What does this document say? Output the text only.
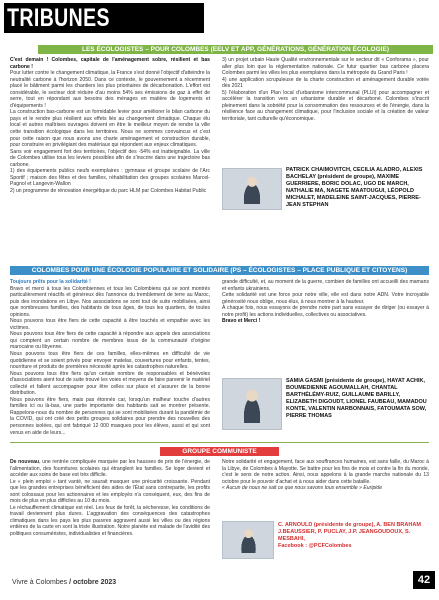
TRIBUNES
LES ÉCOLOGISTES – POUR COLOMBES (EELV ET APP, GÉNÉRATIONS, GÉNÉRATION ÉCOLOGIE)

C'est demain ! Colombes, capitale de l'aménagement sobre, résilient et bas carbone !

Pour lutter contre le changement climatique, la France s'est donné l'objectif d'atteindre la neutralité carbone à l'horizon 2050. Dans ce contexte, le gouvernement a récemment placé le bâtiment parmi les chantiers les plus prioritaires de décarbonation. L'effort est considérable, le secteur doit réduire d'au moins 54% ses émissions de gaz à effet de serre, tout en répondant aux besoins des ménages en matière de logements et d'équipements !

La construction bas-carbone est un formidable levier pour améliorer le bilan carbone du pays et le rendre plus résilient aux effets liés au changement climatique. Chaque élu local et autres maîtrises ouvrages doivent en être le meilleur moyen de rendre la ville cette transition écologique dans les territoires. Nous ne sommes convaincus et c'est pour cette raison que nous avons une charte aménagement et construction durable, pour construire en privilégiant des matériaux qui répondent aux enjeux climatiques.

Sans voir engagement fort des territoires, l'objectif des -54% est inatteignable. La ville de Colombes utilise tous les leviers possibles afin de s'inscrire dans une trajectoire bas carbone.

1) des équipements publics neufs exemplaires : gymnase et groupe scolaire de l'Arc Sportif ; maison des fêtes et des familles, réhabilitation des groupes scolaires Marcel-Pagnol et Langevin-Wallon

2) un programme de rénovation énergétique du parc HLM par Colombes Habitat Public

3) un projet urbain Haute Qualité environnementale sur le secteur dit « Conforama », pour aller plus loin que la réglementation nationale. Ce futur quartier bas carbone placera Colombes parmi les villes les plus exemplaires dans la métropole du Grand Paris !

4) une application scrupuleuse de la charte construction et aménagement durable votée dès 2021

5) l'élaboration d'un Plan local d'urbanisme intercommunal (PLUi) pour accompagner et accélérer la transition vers un urbanisme durable et décarboné. Colombes s'inscrit pleinement dans la sobriété pour la consommation des ressources et de l'énergie, dans la résilience face au changement climatique, pour l'inclusion sociale et la création de valeur territoriale, tant culturelle qu'économique.

PATRICK CHAIMOVITCH, CECILIA ALADRO, ALEXIS BACHELAY (président de groupe), MAXIME GUERRIERE, BORIC DOLAC, UGO DE MARCH, NATHALIE MA, NAGETE MAATOUGUI, LÉOPOLD MICHALET, MADELEINE SAINT-JACQUES, PIERRE-JEAN STEPHAN
COLOMBES POUR UNE ÉCOLOGIE POPULAIRE ET SOLIDAIRE (PS – ÉCOLOGISTES – PLACE PUBLIQUE ET CITOYENS)

Toujours prêts pour la solidarité !

Bravo et merci à tous les Colombiennes et tous les Colombiens qui se sont montrés particulièrement réactifs et généreux dès l'annonce du tremblement de terre au Maroc, puis des inondations en Libye. Nos associations se sont tout de suite mobilisées, ainsi que nombreuses familles, des habitants de tous âges, de tous les quartiers, de toutes opinions.

Nous pouvons tous être fiers de cette capacité à être touchés et empathie avec les victimes.

Nous pouvons tous être fiers de cette capacité à répondre aux appels des associations qui comptent un certain nombre de membres issus de la communauté d'origine marocaine ou libyenne.

Nous pouvons tous être fiers de ces familles, elles-mêmes en difficulté de vie quotidienne et se soient privés pour envoyer matelas, couvertures pour enfants, tentes, nourriture et produits de premières nécessité après les catastrophes naturelles.

Nous pouvons tous être fiers qu'un certain nombre de responsables et bénévoles d'associations aient tout de suite trouvé les voies et moyens de faire parvenir le matériel collecté et fallent accompagner pour être celles sur place et s'assurer de la bonne distribution.

Nous pouvons être fiers, mais pas étonnés car, lorsqu'un malheur touche d'autres familles ici ou là-bas, une partie importante des habitants sait se montrer présente. Rappelons-nous du nombre de personnes qui se sont mobilisées durant la pandémie de la COVID, qui ont créé des petits groupes solidaires pour prendre des nouvelles des personnes isolées, qui ont fabriqué 12 000 masques pour les élèves, aussi et qui sont venus en aide de leurs...

grande difficulté, et, au moment de la guerre, combien de familles ont accueilli des mamans et enfants ukrainiens.

Cette solidarité est une force pour notre ville, elle est dans notre ADN. Votre incroyable générosité nous oblige, nous élus, à nous montrer à la hauteur.

À chaque fois, nous essayons de prendre notre part sans essayer de diriger (ou essayer à notre profit) les actions individuelles, collectives ou associatives.

Bravo et Merci !

SAMIA GASMI (présidente de groupe), HAYAT ACHIK, BOUMEDIENNE AGOUMALLAH, CHANTAL BARTHÉLÉMY-RUIZ, GUILLAUME BARILLY, ELIZABETH DIGOUDT, LIONEL FAUBEAU, MAMADOU KONTE, VALENTIN NARBONNAIS, FATOUMATA SOW, PIERRE THOMAS
GROUPE COMMUNISTE

De nouveau, une rentrée compliquée marquée par les hausses de prix de l'énergie, de l'alimentation, des fournitures scolaires qui étranglent les familles. Se loger devient et accéder aux soins de base est très difficile.

Le « plein emploi » tant vanté, ne saurait masquer une précarité croissante. Pendant que les grandes entreprises bénéficient des aides de l'État sans contrepartie, les profits sont colossaux pour les actionnaires et les employés n'a conséquent, eux, des fins de mois de plus en plus difficiles au 10 du mois.

Le réchauffement climatique est réel. Les feux de forêt, la sécheresse, les conditions de travail deviennent plus dures. L'aggravation des conséquences des catastrophes climatiques dans les pays les plus pauvres aggravent aussi les villes ou des régions entières de la carte en sont la triste illustration. Notre planète est malade de l'avidité des politiques consuméristes, individualistes et financières.

Notre solidarité et engagement, face aux souffrances humaines, est sans faille, du Maroc à la Libye, de Colombes à Mayotte. Se battre pour les fins de mois et contre la fin du monde, c'est le sens de notre action. Ainsi, nous appelons à la grande marche nationale du 13 octobre pour le pouvoir d'achat et à nous aider dans cette bataille.

« Aucun de nous ne sait ce que nous savons tous ensemble » Euripide

C. ARNOULD (présidente de groupe), A. BEN BRAHAM
J.BEAUSSIER, P. PUCLAY, J.P. JEANGOUDOUX, S. MESBAHI,
Facebook : @PCFColombes
Vivre à Colombes / octobre 2023	42
